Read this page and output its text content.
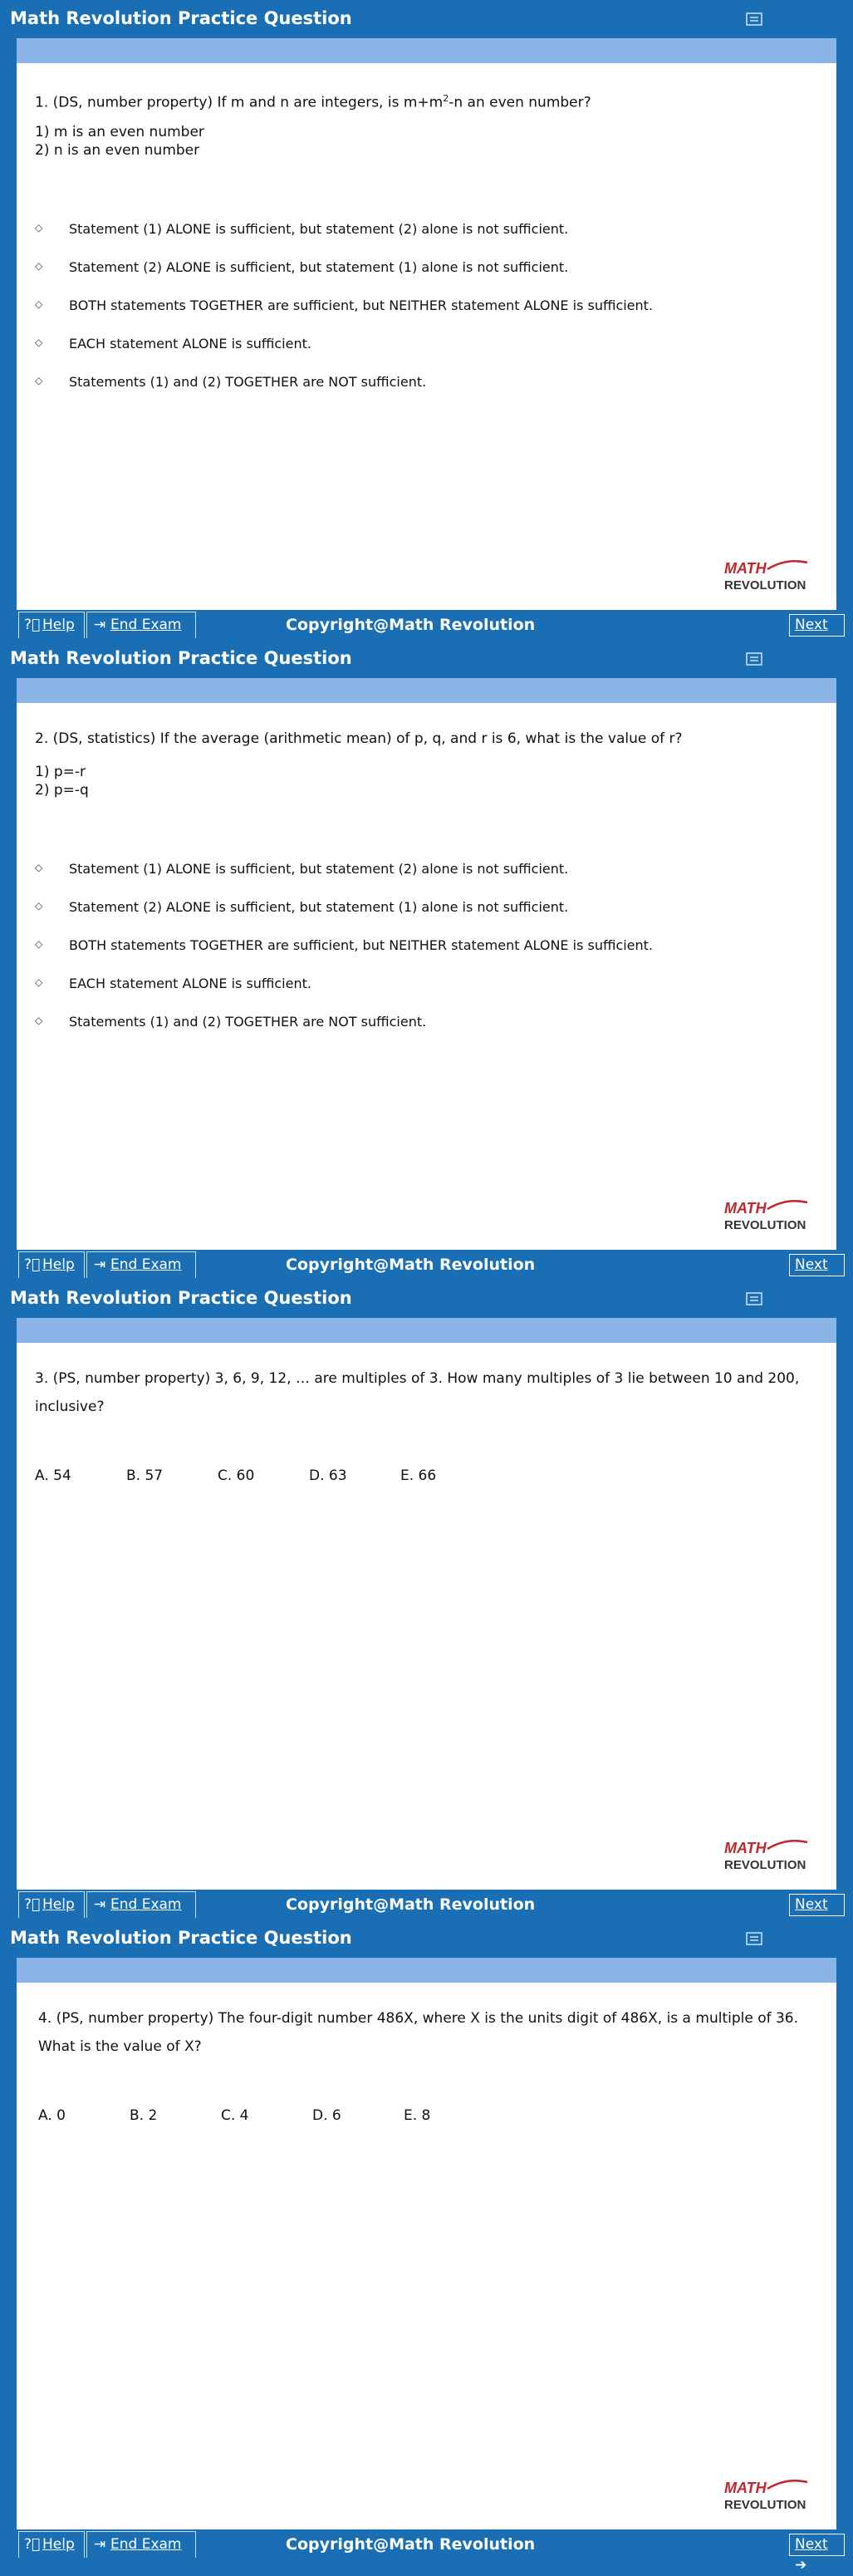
Math Revolution Practice Question
1. (DS, number property) If m and n are integers, is $m+m^2-n$ an even number?
1) m is an even number
2) n is an even number
◇ Statement (1) ALONE is sufficient, but statement (2) alone is not sufficient.
◇ Statement (2) ALONE is sufficient, but statement (1) alone is not sufficient.
◇ BOTH statements TOGETHER are sufficient, but NEITHER statement ALONE is sufficient.
◇ EACH statement ALONE is sufficient.
◇ Statements (1) and (2) TOGETHER are NOT sufficient.
MATH
REVOLUTION
?⃝ Help	⇥ End Exam	Copyright@Math Revolution	Next
Math Revolution Practice Question
2. (DS, statistics) If the average (arithmetic mean) of p, q, and r is 6, what is the value of r?
1) p=-r
2) p=-q
◇ Statement (1) ALONE is sufficient, but statement (2) alone is not sufficient.
◇ Statement (2) ALONE is sufficient, but statement (1) alone is not sufficient.
◇ BOTH statements TOGETHER are sufficient, but NEITHER statement ALONE is sufficient.
◇ EACH statement ALONE is sufficient.
◇ Statements (1) and (2) TOGETHER are NOT sufficient.
MATH
REVOLUTION
?⃝ Help	⇥ End Exam	Copyright@Math Revolution	Next
Math Revolution Practice Question
3. (PS, number property) 3, 6, 9, 12, … are multiples of 3. How many multiples of 3 lie between 10 and 200, inclusive?
A. 54	B. 57	C. 60	D. 63	E. 66
MATH
REVOLUTION
?⃝ Help	⇥ End Exam	Copyright@Math Revolution	Next
Math Revolution Practice Question
4. (PS, number property) The four-digit number 486X, where X is the units digit of 486X, is a multiple of 36. What is the value of X?
A. 0	B. 2	C. 4	D. 6	E. 8
MATH
REVOLUTION
?⃝ Help	⇥ End Exam	Copyright@Math Revolution	Next ➔
